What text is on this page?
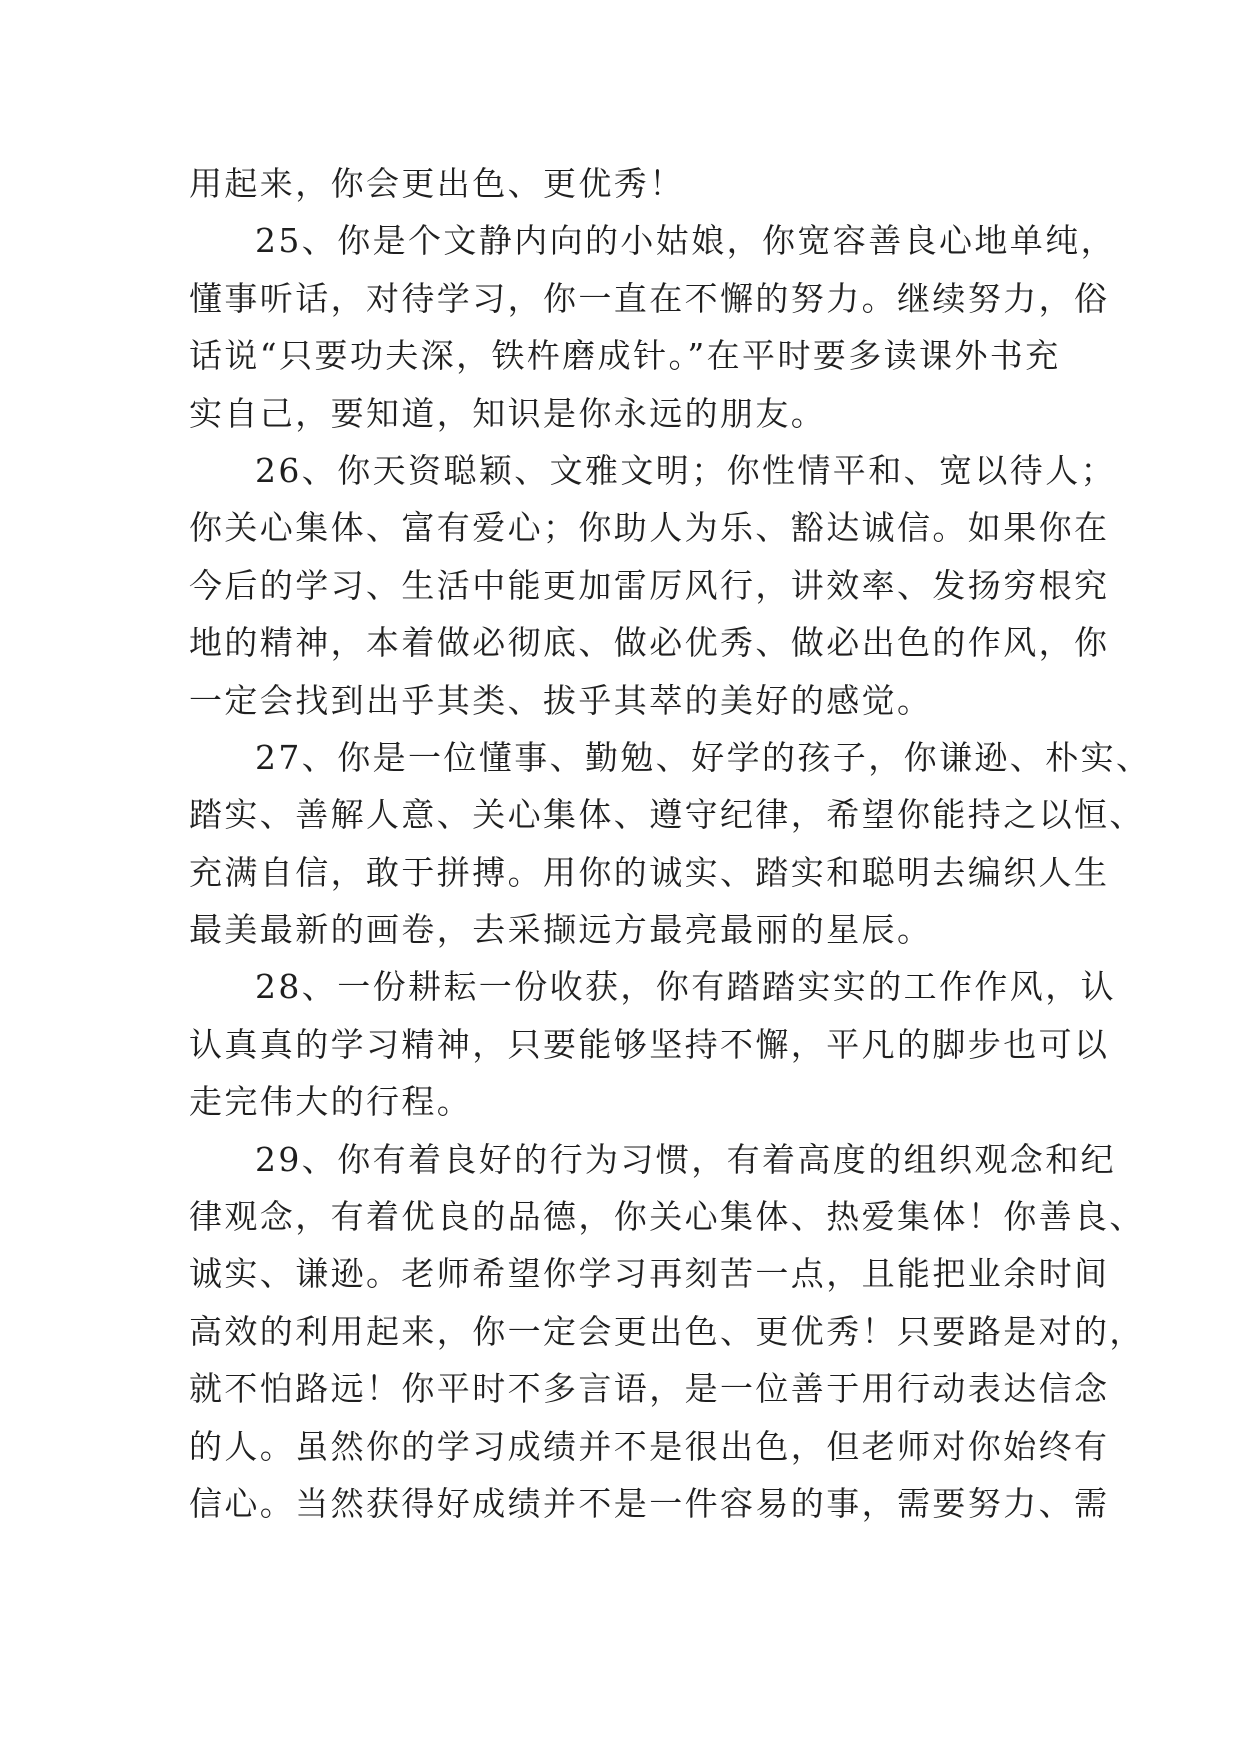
用起来，你会更出色、更优秀！
25、你是个文静内向的小姑娘，你宽容善良心地单纯，
懂事听话，对待学习，你一直在不懈的努力。继续努力，俗
话说“只要功夫深，铁杵磨成针。”在平时要多读课外书充
实自己，要知道，知识是你永远的朋友。
26、你天资聪颖、文雅文明；你性情平和、宽以待人；
你关心集体、富有爱心；你助人为乐、豁达诚信。如果你在
今后的学习、生活中能更加雷厉风行，讲效率、发扬穷根究
地的精神，本着做必彻底、做必优秀、做必出色的作风，你
一定会找到出乎其类、拔乎其萃的美好的感觉。
27、你是一位懂事、勤勉、好学的孩子，你谦逊、朴实、
踏实、善解人意、关心集体、遵守纪律，希望你能持之以恒、
充满自信，敢于拼搏。用你的诚实、踏实和聪明去编织人生
最美最新的画卷，去采撷远方最亮最丽的星辰。
28、一份耕耘一份收获，你有踏踏实实的工作作风，认
认真真的学习精神，只要能够坚持不懈，平凡的脚步也可以
走完伟大的行程。
29、你有着良好的行为习惯，有着高度的组织观念和纪
律观念，有着优良的品德，你关心集体、热爱集体！你善良、
诚实、谦逊。老师希望你学习再刻苦一点，且能把业余时间
高效的利用起来，你一定会更出色、更优秀！只要路是对的，
就不怕路远！你平时不多言语，是一位善于用行动表达信念
的人。虽然你的学习成绩并不是很出色，但老师对你始终有
信心。当然获得好成绩并不是一件容易的事，需要努力、需
